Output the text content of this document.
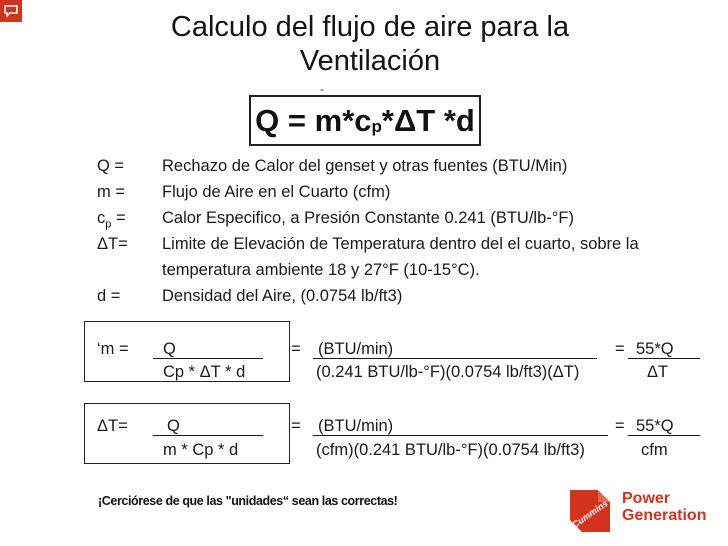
Calculo del flujo de aire para la
Ventilación
-
Q
=
$m*c_p$ *ΔT *d
Q = Rechazo de Calor del genset y otras fuentes (BTU/Min)
m = Flujo de Aire en el Cuarto (cfm)
$c_p$ = Calor Especifico, a Presión Constante 0.241 (BTU/lb-°F)
ΔT= Limite de Elevación de Temperatura dentro del el cuarto, sobre la
temperatura ambiente 18 y 27°F (10-15°C).
d =	Densidad del Aire, (0.0754 lb/ft3)
‘m = Q
Cp * ΔT * d
= (BTU/min)
(0.241 BTU/lb-°F)(0.0754 lb/ft3)(ΔT)
= 55*Q
ΔT
ΔT= Q
m * Cp * d
= (BTU/min)
(cfm)(0.241 BTU/lb-°F)(0.0754 lb/ft3)
= 55*Q
cfm
¡Cerciórese de que las "unidades“ sean las correctas!	Cummins Power
Generation
